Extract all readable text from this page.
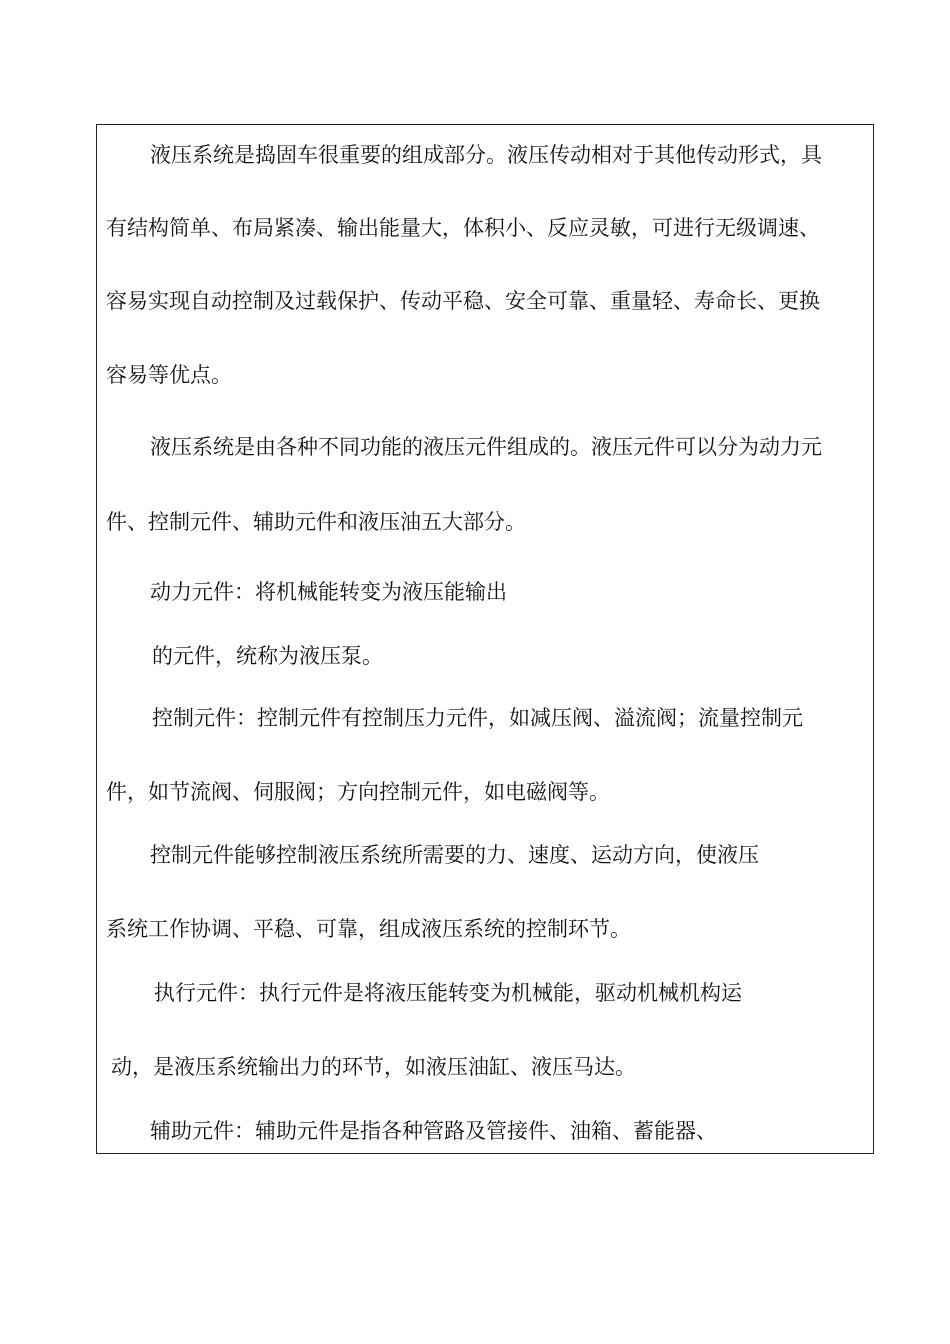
液压系统是捣固车很重要的组成部分。液压传动相对于其他传动形式，具
有结构简单、布局紧凑、输出能量大，体积小、反应灵敏，可进行无级调速、
容易实现自动控制及过载保护、传动平稳、安全可靠、重量轻、寿命长、更换
容易等优点。
液压系统是由各种不同功能的液压元件组成的。液压元件可以分为动力元
件、控制元件、辅助元件和液压油五大部分。
动力元件：将机械能转变为液压能输出
的元件，统称为液压泵。
控制元件：控制元件有控制压力元件，如减压阀、溢流阀；流量控制元
件，如节流阀、伺服阀；方向控制元件，如电磁阀等。
控制元件能够控制液压系统所需要的力、速度、运动方向，使液压
系统工作协调、平稳、可靠，组成液压系统的控制环节。
执行元件：执行元件是将液压能转变为机械能，驱动机械机构运
动，是液压系统输出力的环节，如液压油缸、液压马达。
辅助元件：辅助元件是指各种管路及管接件、油箱、蓄能器、
